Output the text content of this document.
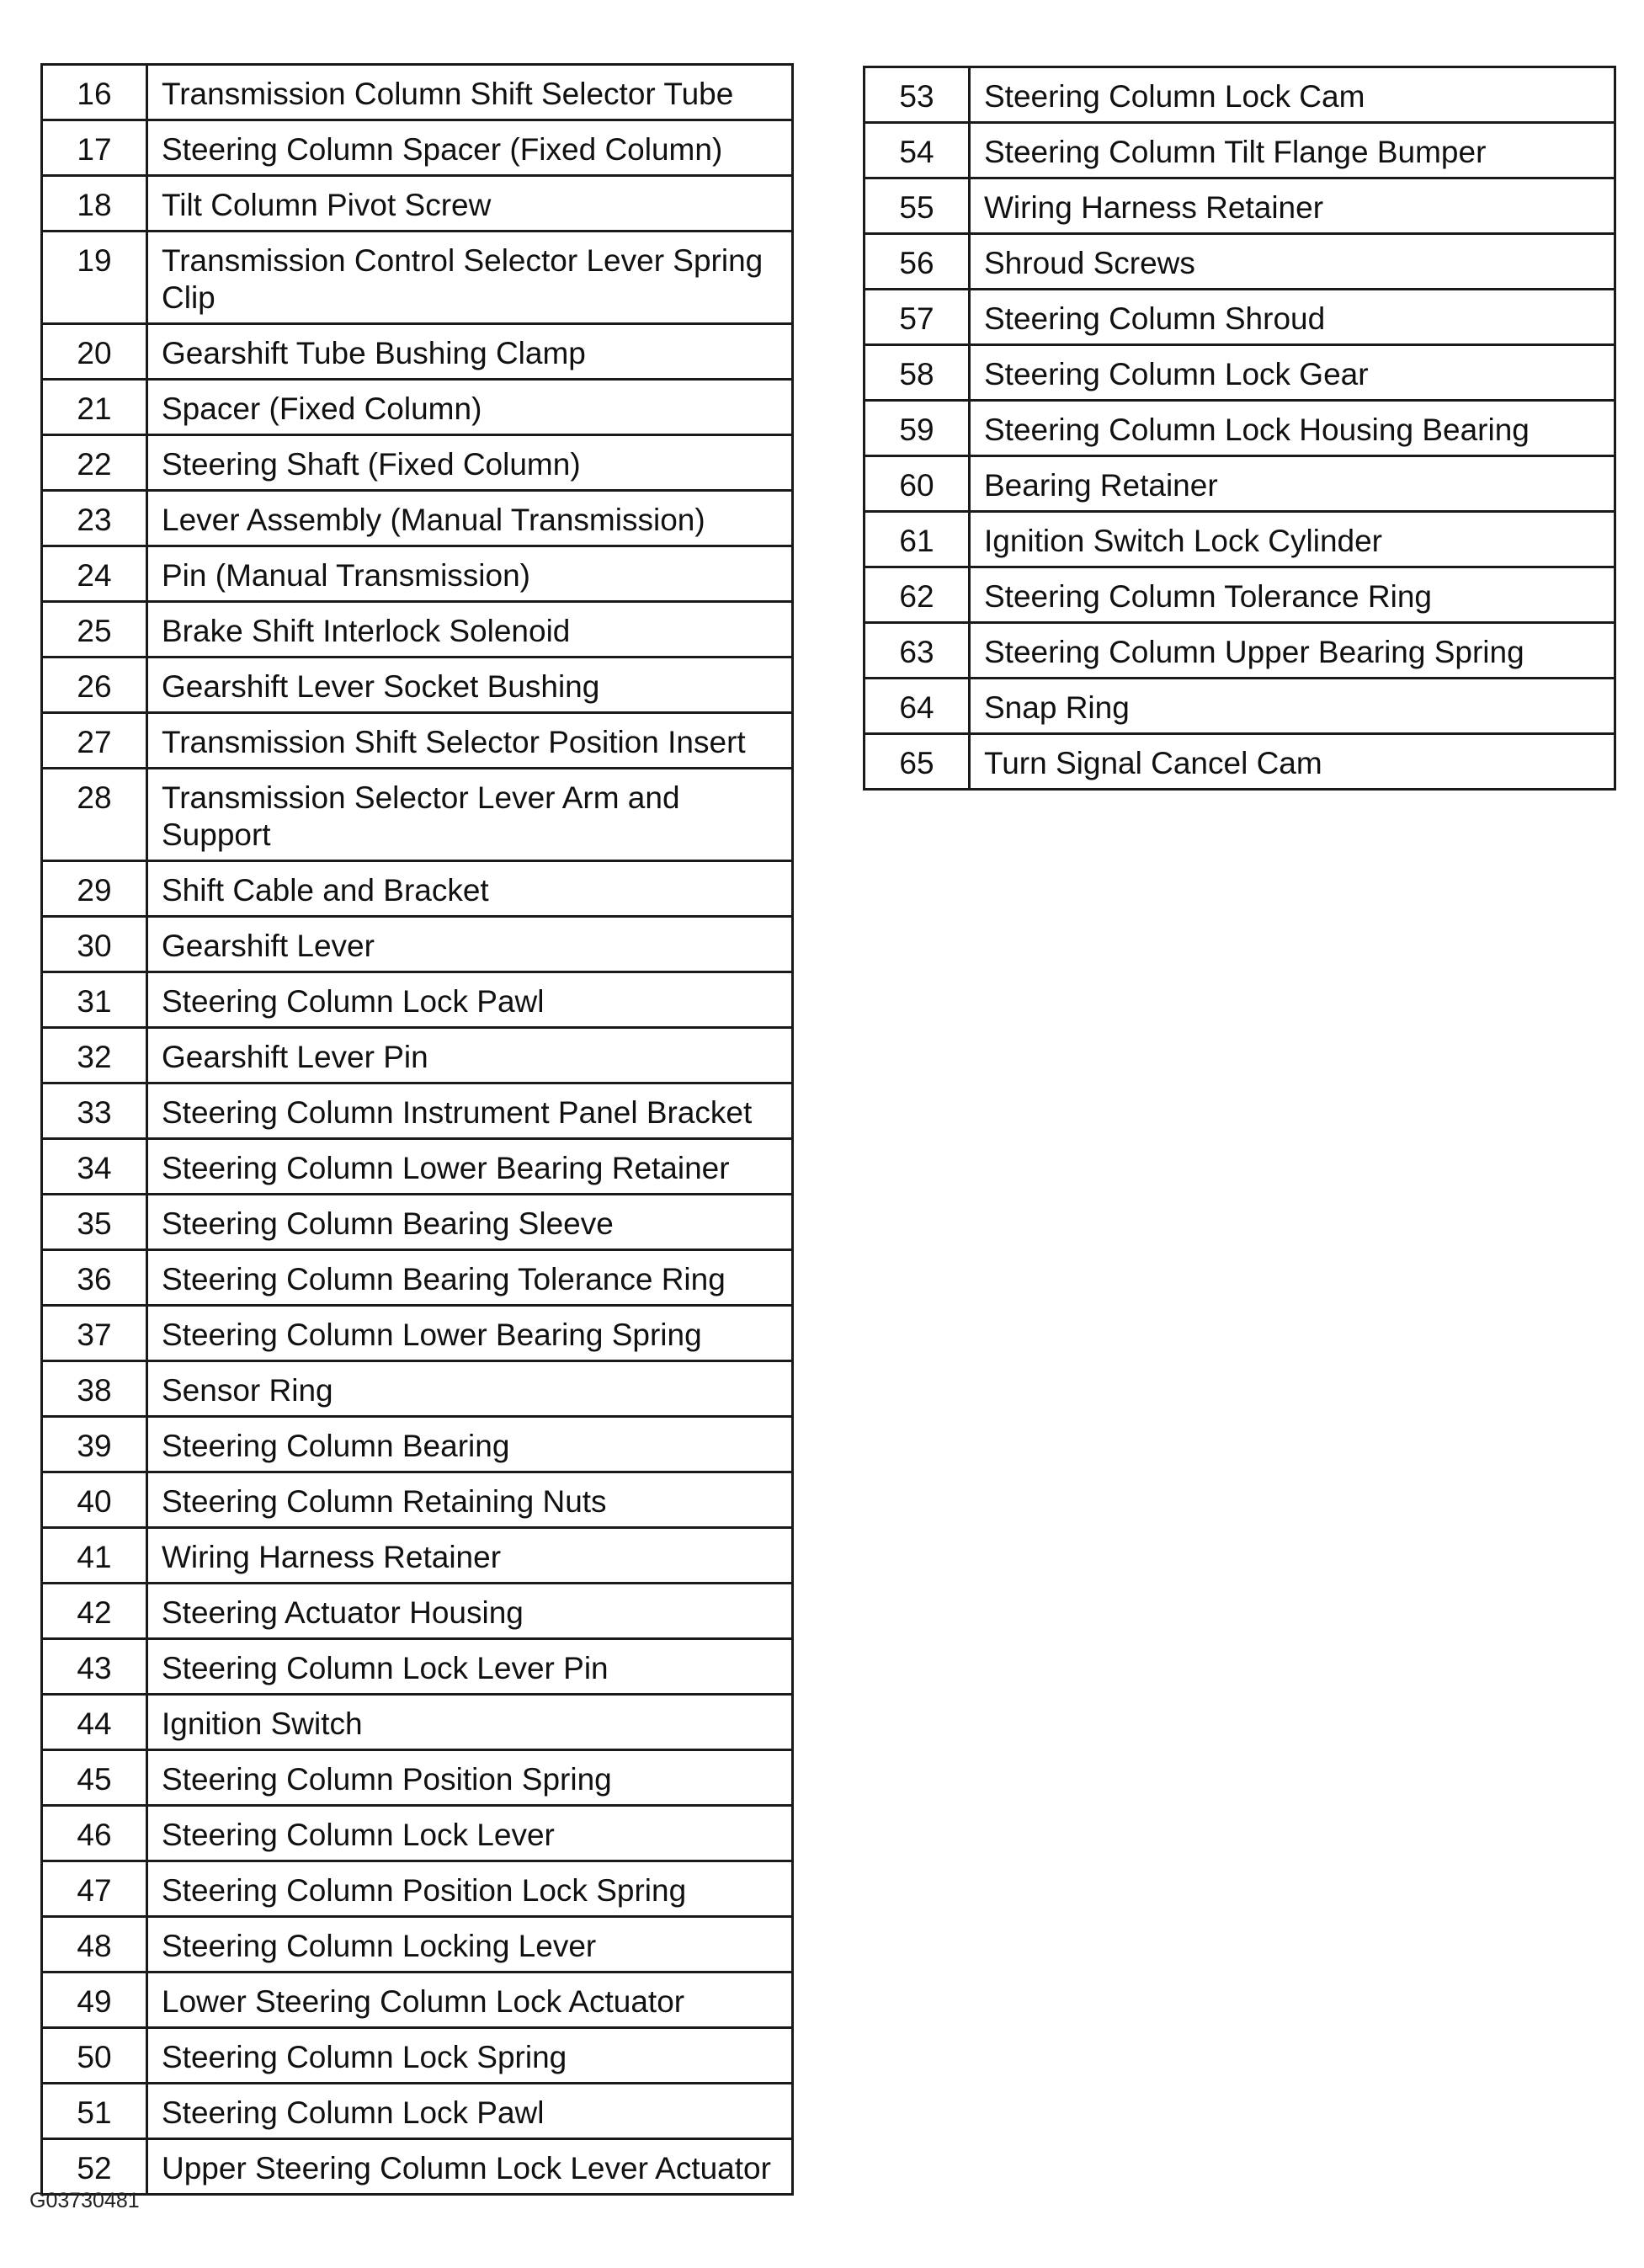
16	Transmission Column Shift Selector Tube
17	Steering Column Spacer (Fixed Column)
18	Tilt Column Pivot Screw
19	Transmission Control Selector Lever Spring Clip
20	Gearshift Tube Bushing Clamp
21	Spacer (Fixed Column)
22	Steering Shaft (Fixed Column)
23	Lever Assembly (Manual Transmission)
24	Pin (Manual Transmission)
25	Brake Shift Interlock Solenoid
26	Gearshift Lever Socket Bushing
27	Transmission Shift Selector Position Insert
28	Transmission Selector Lever Arm and Support
29	Shift Cable and Bracket
30	Gearshift Lever
31	Steering Column Lock Pawl
32	Gearshift Lever Pin
33	Steering Column Instrument Panel Bracket
34	Steering Column Lower Bearing Retainer
35	Steering Column Bearing Sleeve
36	Steering Column Bearing Tolerance Ring
37	Steering Column Lower Bearing Spring
38	Sensor Ring
39	Steering Column Bearing
40	Steering Column Retaining Nuts
41	Wiring Harness Retainer
42	Steering Actuator Housing
43	Steering Column Lock Lever Pin
44	Ignition Switch
45	Steering Column Position Spring
46	Steering Column Lock Lever
47	Steering Column Position Lock Spring
48	Steering Column Locking Lever
49	Lower Steering Column Lock Actuator
50	Steering Column Lock Spring
51	Steering Column Lock Pawl
52	Upper Steering Column Lock Lever Actuator
53	Steering Column Lock Cam
54	Steering Column Tilt Flange Bumper
55	Wiring Harness Retainer
56	Shroud Screws
57	Steering Column Shroud
58	Steering Column Lock Gear
59	Steering Column Lock Housing Bearing
60	Bearing Retainer
61	Ignition Switch Lock Cylinder
62	Steering Column Tolerance Ring
63	Steering Column Upper Bearing Spring
64	Snap Ring
65	Turn Signal Cancel Cam
G03730481
